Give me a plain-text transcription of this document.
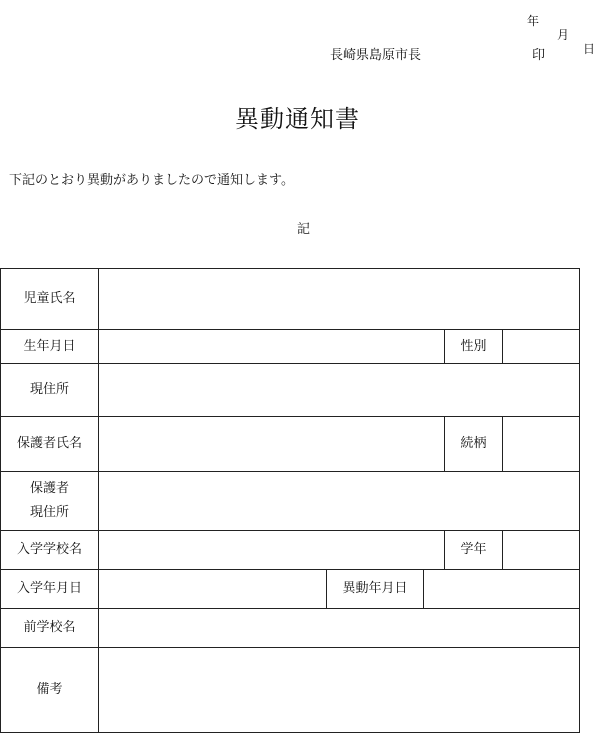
年

月

日

長崎県島原市長	印
異動通知書
下記のとおり異動がありましたので通知します。
記
児童氏名
生年月日	性別
現住所
保護者氏名	続柄
保護者
現住所
入学学校名	学年
入学年月日	異動年月日
前学校名
備考
